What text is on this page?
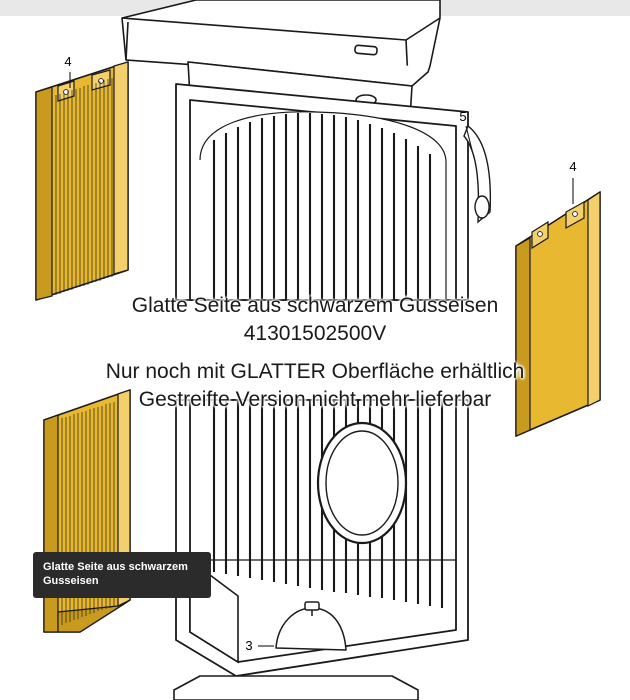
4
5
4
3
Glatte Seite aus schwarzem Gusseisen
41301502500V
Nur noch mit GLATTER Oberfläche erhältlich
Gestreifte Version nicht mehr lieferbar
Glatte Seite aus schwarzem Gusseisen
